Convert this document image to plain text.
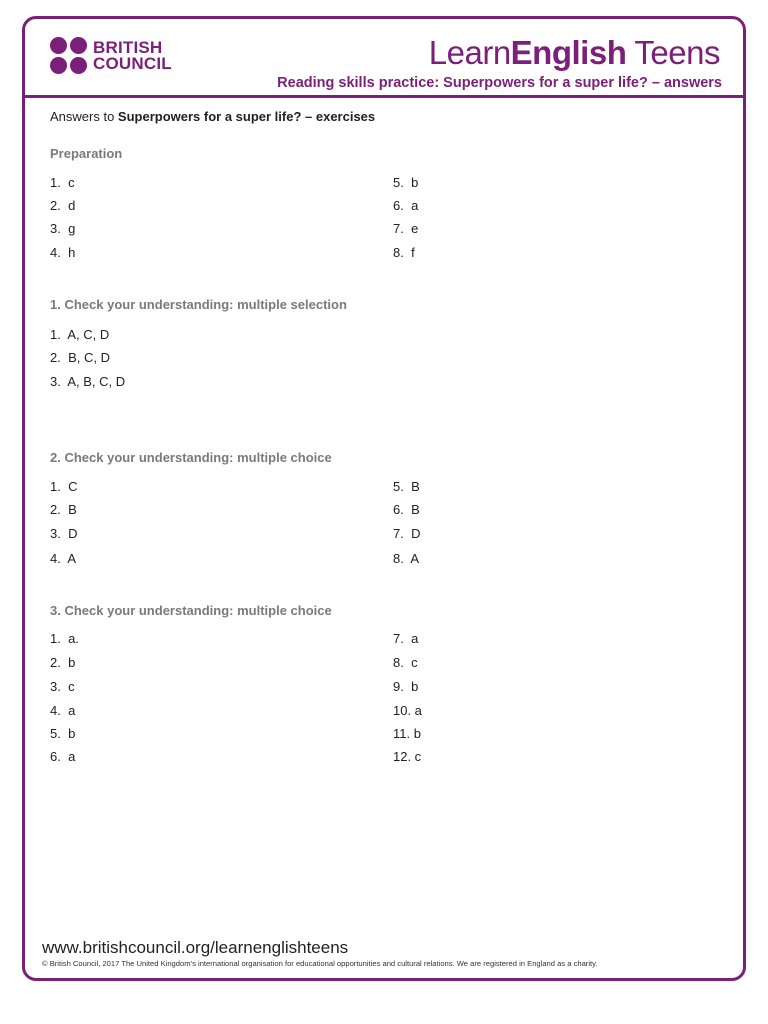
BRITISH
COUNCIL	LearnEnglish Teens
Reading skills practice: Superpowers for a super life? – answers
Answers to Superpowers for a super life? – exercises
Preparation
1.  c
2.  d
3.  g
4.  h
5.  b
6.  a
7.  e
8.  f
1. Check your understanding: multiple selection
1.  A, C, D
2.  B, C, D
3.  A, B, C, D
2. Check your understanding: multiple choice
1.  C
2.  B
3.  D
4.  A
5.  B
6.  B
7.  D
8.  A
3. Check your understanding: multiple choice
1.  a.
2.  b
3.  c
4.  a
5.  b
6.  a
7.  a
8.  c
9.  b
10. a
11. b
12. c
www.britishcouncil.org/learnenglishteens
© British Council, 2017 The United Kingdom’s international organisation for educational opportunities and cultural relations. We are registered in England as a charity.
